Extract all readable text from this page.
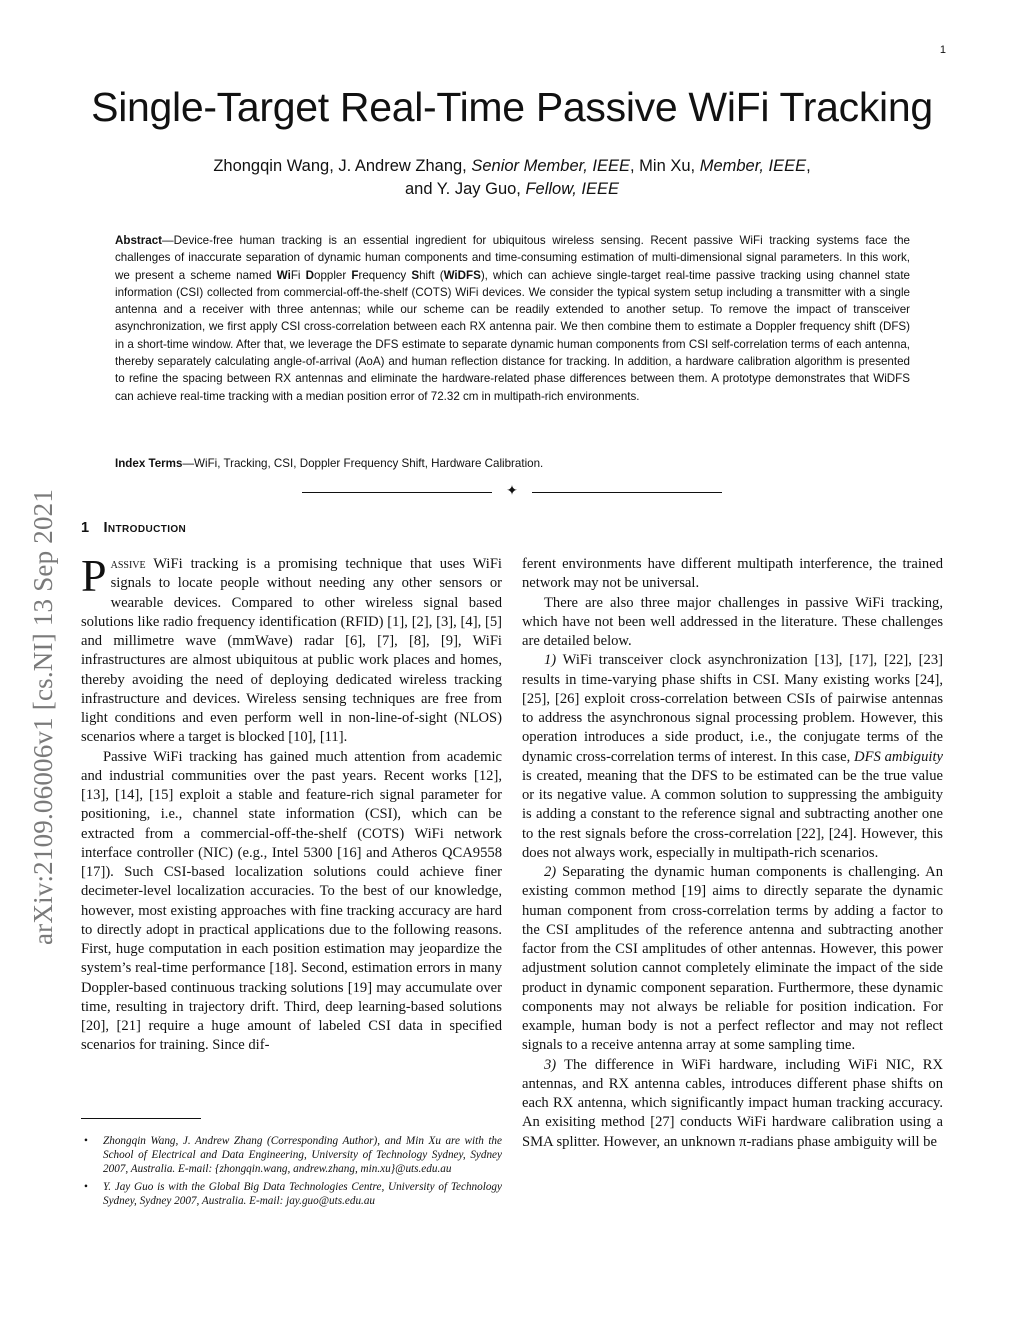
1
Single-Target Real-Time Passive WiFi Tracking
Zhongqin Wang, J. Andrew Zhang, Senior Member, IEEE, Min Xu, Member, IEEE,
and Y. Jay Guo, Fellow, IEEE
Abstract—Device-free human tracking is an essential ingredient for ubiquitous wireless sensing. Recent passive WiFi tracking systems face the challenges of inaccurate separation of dynamic human components and time-consuming estimation of multi-dimensional signal parameters. In this work, we present a scheme named WiFi Doppler Frequency Shift (WiDFS), which can achieve single-target real-time passive tracking using channel state information (CSI) collected from commercial-off-the-shelf (COTS) WiFi devices. We consider the typical system setup including a transmitter with a single antenna and a receiver with three antennas; while our scheme can be readily extended to another setup. To remove the impact of transceiver asynchronization, we first apply CSI cross-correlation between each RX antenna pair. We then combine them to estimate a Doppler frequency shift (DFS) in a short-time window. After that, we leverage the DFS estimate to separate dynamic human components from CSI self-correlation terms of each antenna, thereby separately calculating angle-of-arrival (AoA) and human reflection distance for tracking. In addition, a hardware calibration algorithm is presented to refine the spacing between RX antennas and eliminate the hardware-related phase differences between them. A prototype demonstrates that WiDFS can achieve real-time tracking with a median position error of 72.32 cm in multipath-rich environments.
Index Terms—WiFi, Tracking, CSI, Doppler Frequency Shift, Hardware Calibration.
✦
arXiv:2109.06006v1 [cs.NI] 13 Sep 2021 1 Introduction

Passive WiFi tracking is a promising technique that uses WiFi signals to locate people without needing any other sensors or wearable devices. Compared to other wireless signal based solutions like radio frequency identification (RFID) [1], [2], [3], [4], [5] and millimetre wave (mmWave) radar [6], [7], [8], [9], WiFi infrastructures are almost ubiquitous at public work places and homes, thereby avoiding the need of deploying dedicated wireless tracking infrastructure and devices. Wireless sensing techniques are free from light conditions and even perform well in non-line-of-sight (NLOS) scenarios where a target is blocked [10], [11].

Passive WiFi tracking has gained much attention from academic and industrial communities over the past years. Recent works [12], [13], [14], [15] exploit a stable and feature-rich signal parameter for positioning, i.e., channel state information (CSI), which can be extracted from a commercial-off-the-shelf (COTS) WiFi network interface controller (NIC) (e.g., Intel 5300 [16] and Atheros QCA9558 [17]). Such CSI-based localization solutions could achieve finer decimeter-level localization accuracies. To the best of our knowledge, however, most existing approaches with fine tracking accuracy are hard to directly adopt in practical applications due to the following reasons. First, huge computation in each position estimation may jeopardize the system’s real-time performance [18]. Second, estimation errors in many Doppler-based continuous tracking solutions [19] may accumulate over time, resulting in trajectory drift. Third, deep learning-based solutions [20], [21] require a huge amount of labeled CSI data in specified scenarios for training. Since dif-

• Zhongqin Wang, J. Andrew Zhang (Corresponding Author), and Min Xu are with the School of Electrical and Data Engineering, University of Technology Sydney, Sydney 2007, Australia. E-mail: {zhongqin.wang, andrew.zhang, min.xu}@uts.edu.au
• Y. Jay Guo is with the Global Big Data Technologies Centre, University of Technology Sydney, Sydney 2007, Australia. E-mail: jay.guo@uts.edu.au

ferent environments have different multipath interference, the trained network may not be universal.

There are also three major challenges in passive WiFi tracking, which have not been well addressed in the literature. These challenges are detailed below.

1) WiFi transceiver clock asynchronization [13], [17], [22], [23] results in time-varying phase shifts in CSI. Many existing works [24], [25], [26] exploit cross-correlation between CSIs of pairwise antennas to address the asynchronous signal processing problem. However, this operation introduces a side product, i.e., the conjugate terms of the dynamic cross-correlation terms of interest. In this case, DFS ambiguity is created, meaning that the DFS to be estimated can be the true value or its negative value. A common solution to suppressing the ambiguity is adding a constant to the reference signal and subtracting another one to the rest signals before the cross-correlation [22], [24]. However, this does not always work, especially in multipath-rich scenarios.

2) Separating the dynamic human components is challenging. An existing common method [19] aims to directly separate the dynamic human component from cross-correlation terms by adding a factor to the CSI amplitudes of the reference antenna and subtracting another factor from the CSI amplitudes of other antennas. However, this power adjustment solution cannot completely eliminate the impact of the side product in dynamic component separation. Furthermore, these dynamic components may not always be reliable for position indication. For example, human body is not a perfect reflector and may not reflect signals to a receive antenna array at some sampling time.

3) The difference in WiFi hardware, including WiFi NIC, RX antennas, and RX antenna cables, introduces different phase shifts on each RX antenna, which significantly impact human tracking accuracy. An exisiting method [27] conducts WiFi hardware calibration using a SMA splitter. However, an unknown π-radians phase ambiguity will be
